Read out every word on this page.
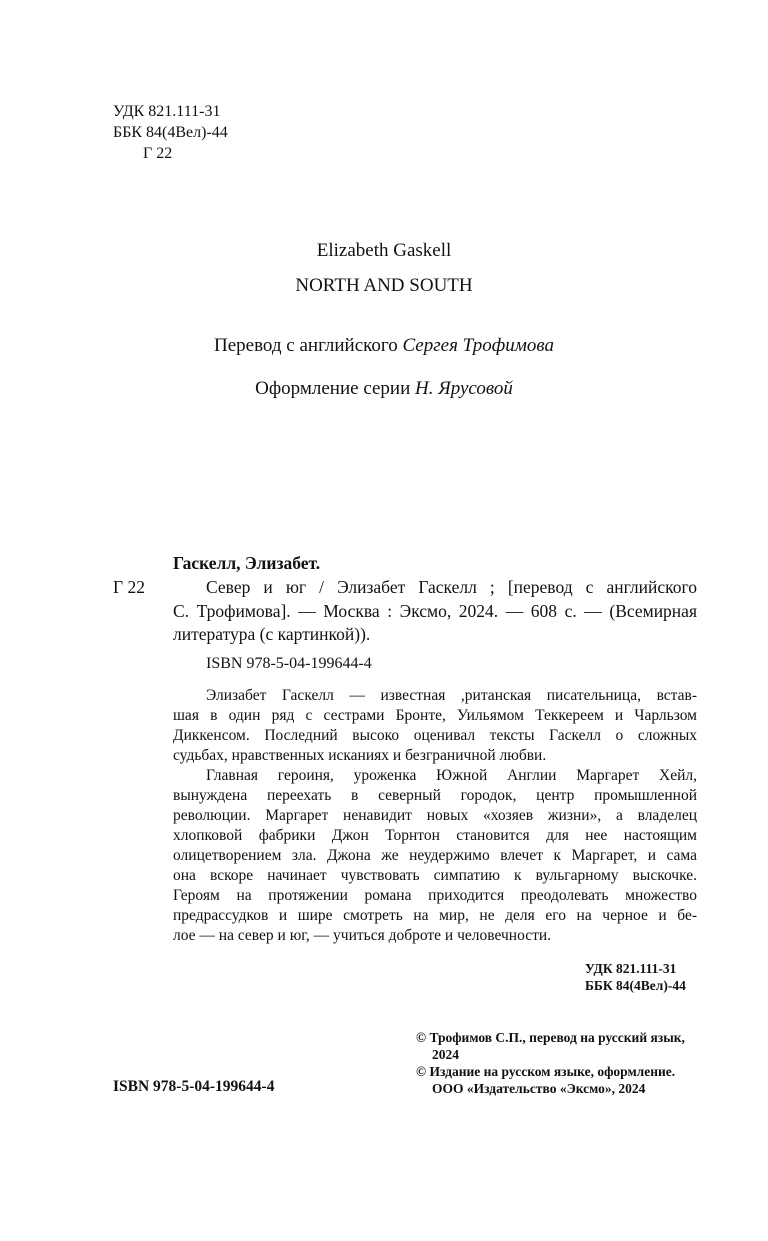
УДК 821.111-31
ББК 84(4Вел)-44
Г 22
Elizabeth Gaskell
NORTH AND SOUTH
Перевод с английского Сергея Трофимова
Оформление серии Н. Ярусовой
Гаскелл, Элизабет.
Г 22	Север и юг / Элизабет Гаскелл ; [перевод с английского
С. Трофимова]. — Москва : Эксмо, 2024. — 608 с. — (Всемирная
литература (с картинкой)).
ISBN 978-5-04-199644-4

Элизабет Гаскелл — известная ,ританская писательница, встав-

шая в один ряд с сестрами Бронте, Уильямом Теккереем и Чарльзом

Диккенсом. Последний высоко оценивал тексты Гаскелл о сложных

судьбах, нравственных исканиях и безграничной любви.

Главная героиня, уроженка Южной Англии Маргарет Хейл,

вынуждена переехать в северный городок, центр промышленной

революции. Маргарет ненавидит новых «хозяев жизни», а владелец

хлопковой фабрики Джон Торнтон становится для нее настоящим

олицетворением зла. Джона же неудержимо влечет к Маргарет, и сама

она вскоре начинает чувствовать симпатию к вульгарному выскочке.

Героям на протяжении романа приходится преодолевать множество

предрассудков и шире смотреть на мир, не деля его на черное и бе-

лое — на север и юг, — учиться доброте и человечности.

УДК 821.111-31
ББК 84(4Вел)-44
© Трофимов С.П., перевод на русский язык,
2024
© Издание на русском языке, оформление.
ООО «Издательство «Эксмо», 2024
ISBN 978-5-04-199644-4
